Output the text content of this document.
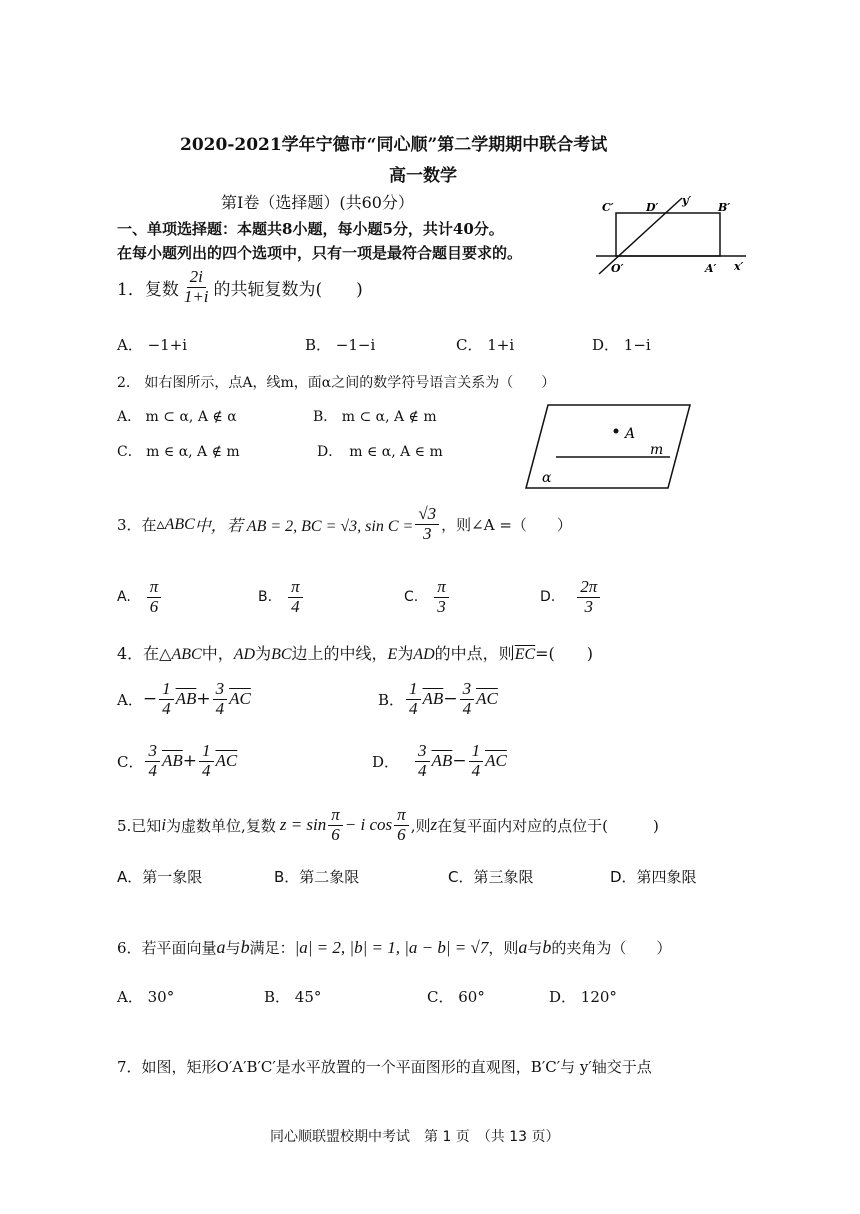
2020-2021学年宁德市“同心顺”第二学期期中联合考试
高一数学
第Ⅰ卷（选择题）(共60分）
一、单项选择题：本题共8小题，每小题5分，共计40分。
在每小题列出的四个选项中，只有一项是最符合题目要求的。
C′	D′
y′
B′
O′	A′ x′
1．复数 $\frac{2i}{1+i}$ 的共轭复数为(　　)
A． −1+i	B． −1−i	C． 1+i	D． 1−i
2.　如右图所示，点A，线m，面α之间的数学符号语言关系为（　　）
A． m ⊂ α, A ∉ α	B． m ⊂ α, A ∉ m
C． m ∈ α, A ∉ m	D．　m ∈ α, A ∈ m
A
m
α
3．在 ▵ABC 中，若 AB = 2, BC = √3, $\sin C = \frac{√3}{3}$ ，则∠A =（　　）
A. $\frac{\pi}{6}$	B. $\frac{\pi}{4}$	C. $\frac{\pi}{3}$	D. $\frac{2\pi}{3}$
4．在△ABC中，AD为BC边上的中线，E为AD的中点，则$\overline{EC}=$(　　)
A． − $\frac{1}{4} \overline{AB} + \frac{3}{4} \overline{AC}$	B． $\frac{1}{4} \overline{AB} - \frac{3}{4} \overline{AC}$
C． $\frac{3}{4} \overline{AB} + \frac{1}{4} \overline{AC}$	D． $\frac{3}{4} \overline{AB} - \frac{1}{4} \overline{AC}$
5.已知 i 为虚数单位,复数 $z = \sin \frac{\pi}{6} - i$ $\cos \frac{\pi}{6}$ ,则 z 在复平面内对应的点位于(　　　)
A．第一象限	B．第二象限	C．第三象限	D．第四象限
6．若平面向量 a 与 b 满足： |a| = 2, |b| = 1, |a − b| = √7 ，则 a 与 b 的夹角为（　　）
A． 30°	B． 45°	C． 60°	D． 120°
7．如图，矩形O′A′B′C′是水平放置的一个平面图形的直观图，B′C′与 y′轴交于点
同心顺联盟校期中考试　第 1 页　（共 13 页）
